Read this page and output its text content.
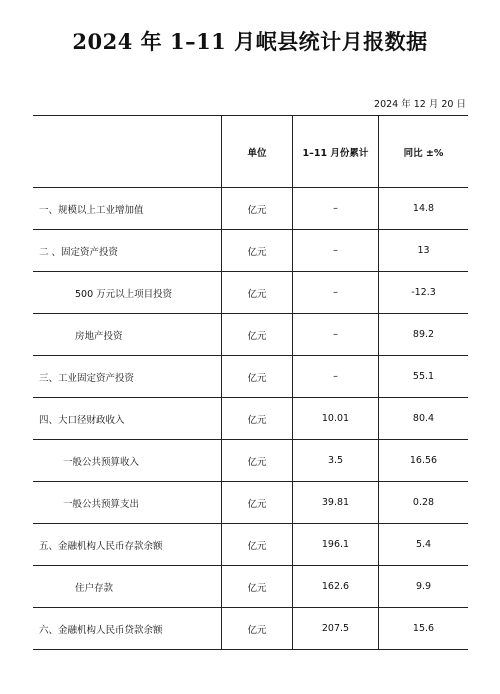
2024 年 1–11 月岷县统计月报数据
2024 年 12 月 20 日
	单位	1–11 月份累计	同比 ±%
一、规模以上工业增加值	亿元	–	14.8
二 、固定资产投资	亿元	–	13
500 万元以上项目投资	亿元	–	-12.3
房地产投资	亿元	–	89.2
三、工业固定资产投资	亿元	–	55.1
四、大口径财政收入	亿元	10.01	80.4
一般公共预算收入	亿元	3.5	16.56
一般公共预算支出	亿元	39.81	0.28
五、金融机构人民币存款余额	亿元	196.1	5.4
住户存款	亿元	162.6	9.9
六、金融机构人民币贷款余额	亿元	207.5	15.6
